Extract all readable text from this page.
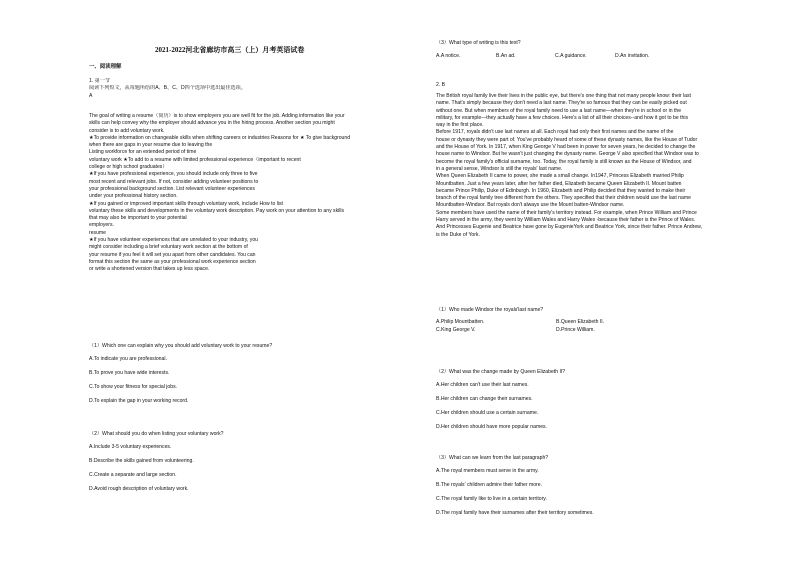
2021-2022河北省廊坊市高三（上）月考英语试卷
一、阅读理解
1. 第一节
阅读下列短文，从每题所给的A、B、C、D四个选项中选出最佳选项。
A
The goal of writing a resume（简历）is to show employers you are well fit for the job. Adding information like your
skills can help convey why the employer should advance you in the hiring process. Another section you might
consider is to add voluntary work.
★To provide information on changeable skills when shifting careers or industries Reasons for ★ To give background
when there are gaps in your resume due to leaving the
Listing workforce for an extended period of time
voluntary work ★To add to a resume with limited professional experience（important to recent
college or high school graduates）
★If you have professional experience, you should include only three to five
most recent and relevant jobs. If not, consider adding volunteer positions to
your professional background section. List relevant volunteer experiences
under your professional history section.
★If you gained or improved important skills through voluntary work, include How to list
voluntary these skills and developments in the voluntary work description. Pay work on your attention to any skills
that may also be important to your potential
employers.
resume
★If you have volunteer experiences that are unrelated to your industry, you
might consider including a brief voluntary work section at the bottom of
your resume if you feel it will set you apart from other candidates. You can
format this section the same as your professional work experience section
or write a shortened version that takes up less space.
（1）Which one can explain why you should add voluntary work to your resume?
A.To indicate you are professional.
B.To prove you have wide interests.
C.To show your fitness for special jobs.
D.To explain the gap in your working record.
（2）What should you do when listing your voluntary work?
A.Include 3-5 voluntary experiences.
B.Describe the skills gained from volunteering.
C.Create a separate and large section.
D.Avoid rough description of voluntary work.
（3）What type of writing is this text?
A.A notice.	B.An ad.	C.A guidance.	D.An invitation.
2. B
The British royal family live their lives in the public eye, but there's one thing that not many people know: their last
name. That's simply because they don't need a last name. They're so famous that they can be easily picked out
without one. But when members of the royal family need to use a last name—when they're in school or in the
military, for example—they actually have a few choices. Here's a list of all their choices--and how it got to be this
way in the first place.
Before 1917, royals didn't use last names at all. Each royal had only their first names and the name of the
house or dynasty they were part of. You've probably heard of some of these dynasty names, like the House of Tudor
and the House of York. In 1917, when King George V had been in power for seven years, he decided to change the
house name to Windsor. But he wasn't just changing the dynasty name. George V also specified that Windsor was to
become the royal family's official surname, too. Today, the royal family is still known as the House of Windsor, and
in a general sense, Windsor is still the royals' last name.
When Queen Elizabeth II came to power, she made a small change. In1947, Princess Elizabeth married Philip
Mountbatten. Just a few years later, after her father died, Elizabeth became Queen Elizabeth II. Mount batten
became Prince Philip, Duke of Edinburgh. In 1960, Elizabeth and Philip decided that they wanted to make their
branch of the royal family tree different from the others. They specified that their children would use the last name
Mountbatten-Windsor. But royals don't always use the Mount batten-Windsor name.
Some members have used the name of their family's territory instead. For example, when Prince William and Prince
Harry served in the army, they went by William Wales and Harry Wales -because their father is the Prince of Wales.
And Princesses Eugenie and Beatrice have gone by EugenieYork and Beatrice York, since their father. Prince Andrew,
is the Duke of York.
（1）Who made Windsor the royals'last name?
A.Philip Mountbatten.	B.Queen Elizabeth II.
C.King George V.	D.Prince William.
（2）What was the change made by Queen Elizabeth II?
A.Her children can't use their last names.
B.Her children can change their surnames.
C.Her children should use a certain surname.
D.Her children should have more popular names.
（3）What can we learn from the last paragraph?
A.The royal members must serve in the army.
B.The royals' children admire their father more.
C.The royal family like to live in a certain territory.
D.The royal family have their surnames after their territory sometimes.
